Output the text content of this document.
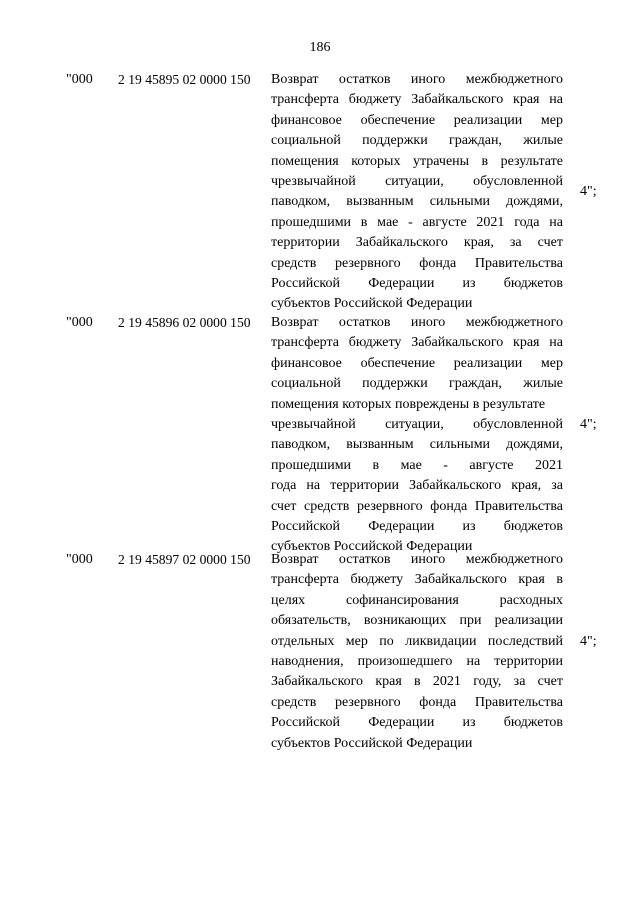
186
"000 2 19 45895 02 0000 150 Возврат остатков иного межбюджетного
трансферта бюджету Забайкальского края на
финансовое обеспечение реализации мер
социальной поддержки граждан, жилые
помещения которых утрачены в результате
чрезвычайной ситуации, обусловленной
паводком, вызванным сильными дождями,
прошедшими в мае - августе 2021 года на
территории Забайкальского края, за счет
средств резервного фонда Правительства
Российской Федерации из бюджетов
субъектов Российской Федерации
4";
"000 2 19 45896 02 0000 150 Возврат остатков иного межбюджетного
трансферта бюджету Забайкальского края на
финансовое обеспечение реализации мер
социальной поддержки граждан, жилые
помещения которых повреждены в результате
чрезвычайной ситуации, обусловленной
паводком, вызванным сильными дождями,
прошедшими в мае - августе 2021
года на территории Забайкальского края, за
счет средств резервного фонда Правительства
Российской Федерации из бюджетов
субъектов Российской Федерации
4";
"000 2 19 45897 02 0000 150 Возврат остатков иного межбюджетного
трансферта бюджету Забайкальского края в
целях софинансирования расходных
обязательств, возникающих при реализации
отдельных мер по ликвидации последствий
наводнения, произошедшего на территории
Забайкальского края в 2021 году, за счет
средств резервного фонда Правительства
Российской Федерации из бюджетов
субъектов Российской Федерации
4";
